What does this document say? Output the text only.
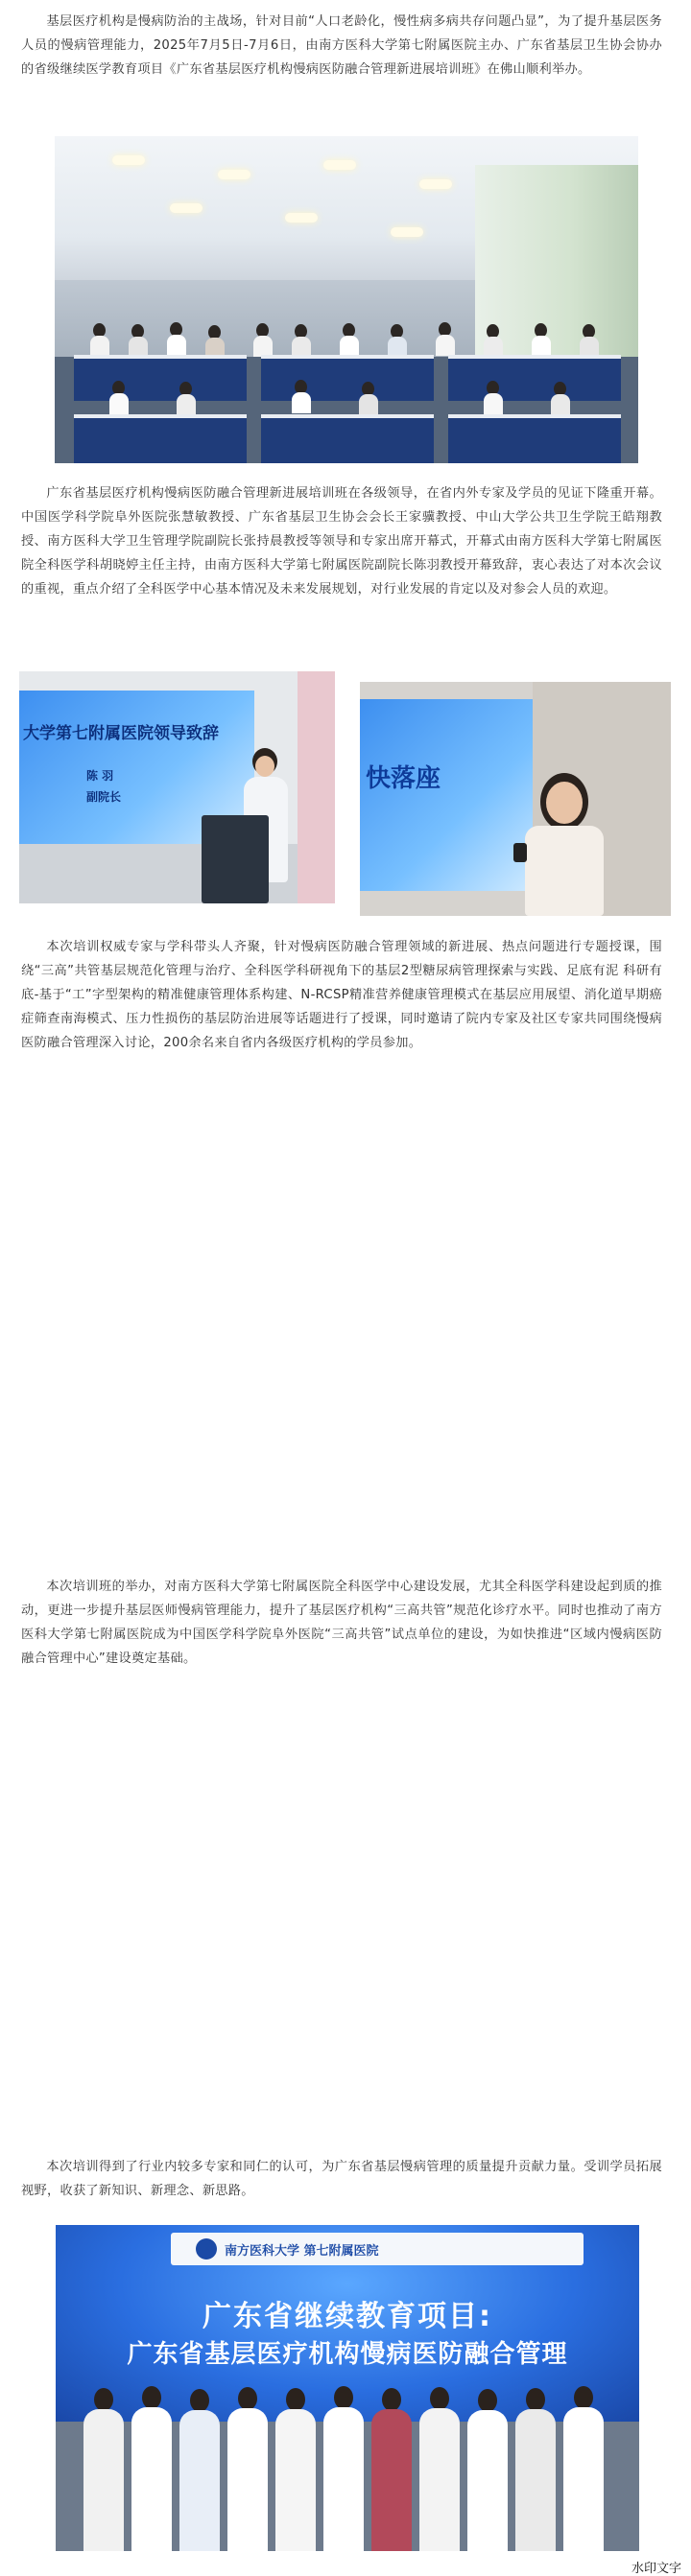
基层医疗机构是慢病防治的主战场，针对目前“人口老龄化，慢性病多病共存问题凸显”，为了提升基层医务人员的慢病管理能力，2025年7月5日-7月6日，由南方医科大学第七附属医院主办、广东省基层卫生协会协办的省级继续医学教育项目《广东省基层医疗机构慢病医防融合管理新进展培训班》在佛山顺利举办。

广东省基层医疗机构慢病医防融合管理新进展培训班在各级领导，在省内外专家及学员的见证下隆重开幕。中国医学科学院阜外医院张慧敏教授、广东省基层卫生协会会长王家骥教授、中山大学公共卫生学院王皓翔教授、南方医科大学卫生管理学院副院长张持晨教授等领导和专家出席开幕式，开幕式由南方医科大学第七附属医院全科医学科胡晓婷主任主持，由南方医科大学第七附属医院副院长陈羽教授开幕致辞，衷心表达了对本次会议的重视，重点介绍了全科医学中心基本情况及未来发展规划，对行业发展的肯定以及对参会人员的欢迎。

大学第七附属医院领导致辞
陈 羽
副院长
快落座

本次培训权威专家与学科带头人齐聚，针对慢病医防融合管理领域的新进展、热点问题进行专题授课，围绕“三高”共管基层规范化管理与治疗、全科医学科研视角下的基层2型糖尿病管理探索与实践、足底有泥 科研有底-基于“工”字型架构的精准健康管理体系构建、N-RCSP精准营养健康管理模式在基层应用展望、消化道早期癌症筛查南海模式、压力性损伤的基层防治进展等话题进行了授课，同时邀请了院内专家及社区专家共同围绕慢病医防融合管理深入讨论，200余名来自省内各级医疗机构的学员参加。

本次培训班的举办，对南方医科大学第七附属医院全科医学中心建设发展，尤其全科医学科建设起到质的推动，更进一步提升基层医师慢病管理能力，提升了基层医疗机构“三高共管”规范化诊疗水平。同时也推动了南方医科大学第七附属医院成为中国医学科学院阜外医院“三高共管”试点单位的建设，为如快推进“区域内慢病医防融合管理中心”建设奠定基础。

本次培训得到了行业内较多专家和同仁的认可，为广东省基层慢病管理的质量提升贡献力量。受训学员拓展视野，收获了新知识、新理念、新思路。

南方医科大学 第七附属医院
广东省继续教育项目:
广东省基层医疗机构慢病医防融合管理
水印文字
